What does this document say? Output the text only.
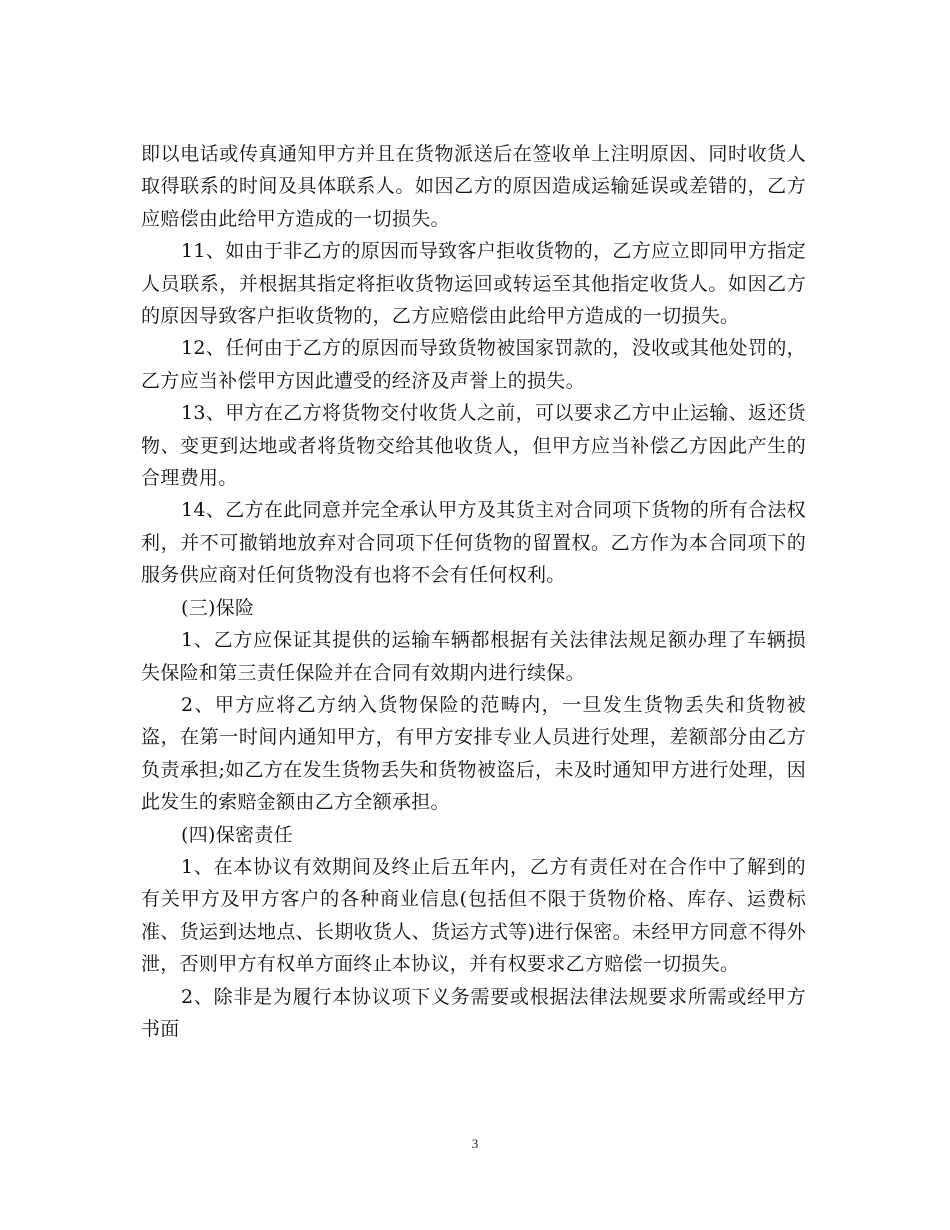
即以电话或传真通知甲方并且在货物派送后在签收单上注明原因、同时收货人取得联系的时间及具体联系人。如因乙方的原因造成运输延误或差错的，乙方应赔偿由此给甲方造成的一切损失。

11、如由于非乙方的原因而导致客户拒收货物的，乙方应立即同甲方指定人员联系，并根据其指定将拒收货物运回或转运至其他指定收货人。如因乙方的原因导致客户拒收货物的，乙方应赔偿由此给甲方造成的一切损失。

12、任何由于乙方的原因而导致货物被国家罚款的，没收或其他处罚的，乙方应当补偿甲方因此遭受的经济及声誉上的损失。

13、甲方在乙方将货物交付收货人之前，可以要求乙方中止运输、返还货物、变更到达地或者将货物交给其他收货人，但甲方应当补偿乙方因此产生的合理费用。

14、乙方在此同意并完全承认甲方及其货主对合同项下货物的所有合法权利，并不可撤销地放弃对合同项下任何货物的留置权。乙方作为本合同项下的服务供应商对任何货物没有也将不会有任何权利。

(三)保险

1、乙方应保证其提供的运输车辆都根据有关法律法规足额办理了车辆损失保险和第三责任保险并在合同有效期内进行续保。

2、甲方应将乙方纳入货物保险的范畴内，一旦发生货物丢失和货物被盗，在第一时间内通知甲方，有甲方安排专业人员进行处理，差额部分由乙方负责承担;如乙方在发生货物丢失和货物被盗后，未及时通知甲方进行处理，因此发生的索赔金额由乙方全额承担。

(四)保密责任

1、在本协议有效期间及终止后五年内，乙方有责任对在合作中了解到的有关甲方及甲方客户的各种商业信息(包括但不限于货物价格、库存、运费标准、货运到达地点、长期收货人、货运方式等)进行保密。未经甲方同意不得外泄，否则甲方有权单方面终止本协议，并有权要求乙方赔偿一切损失。

2、除非是为履行本协议项下义务需要或根据法律法规要求所需或经甲方书面

3
